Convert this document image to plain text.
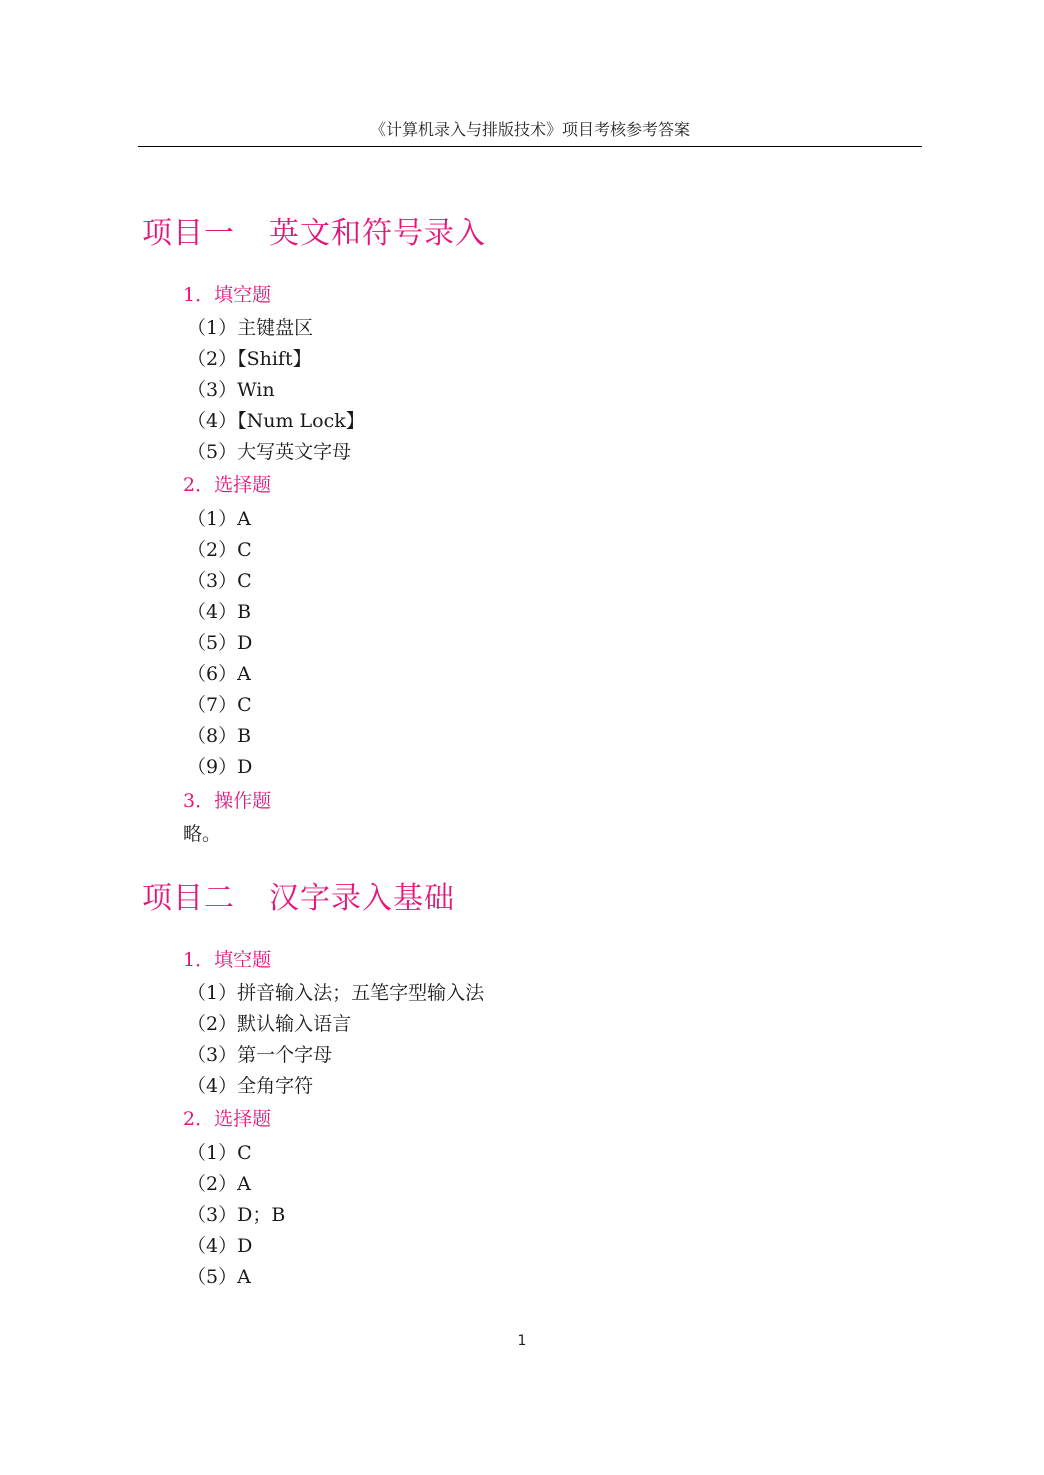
《计算机录入与排版技术》项目考核参考答案
项目一 英文和符号录入
1．填空题
（1）主键盘区
（2）【Shift】
（3）Win
（4）【Num Lock】
（5）大写英文字母
2．选择题
（1）A
（2）C
（3）C
（4）B
（5）D
（6）A
（7）C
（8）B
（9）D
3．操作题
略。
项目二 汉字录入基础
1．填空题
（1）拼音输入法；五笔字型输入法
（2）默认输入语言
（3）第一个字母
（4）全角字符
2．选择题
（1）C
（2）A
（3）D；B
（4）D
（5）A
1
